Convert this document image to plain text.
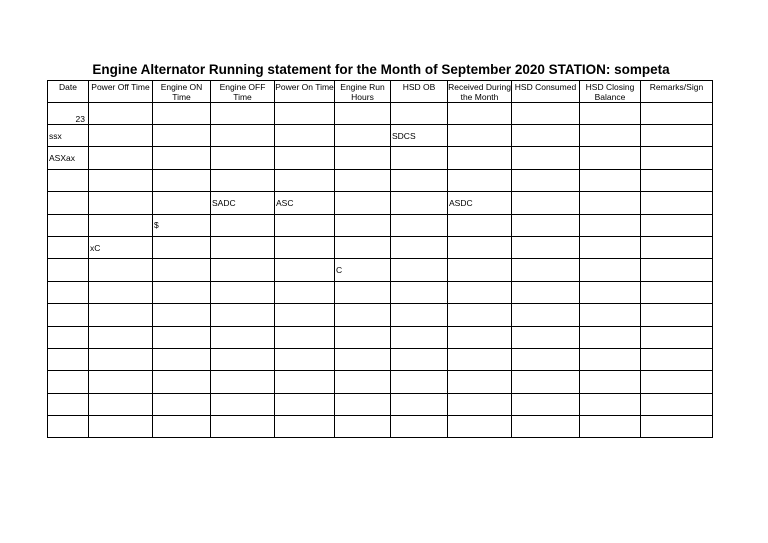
Engine Alternator Running statement for the Month of September 2020 STATION: sompeta
Date	Power Off Time	Engine ON Time	Engine OFF Time	Power On Time	Engine Run Hours	HSD OB	Received During the Month	HSD Consumed	HSD Closing Balance	Remarks/Sign

23										
ssx						SDCS				
ASXax										

			SADC	ASC			ASDC			
		$								
	xC									
					C					
